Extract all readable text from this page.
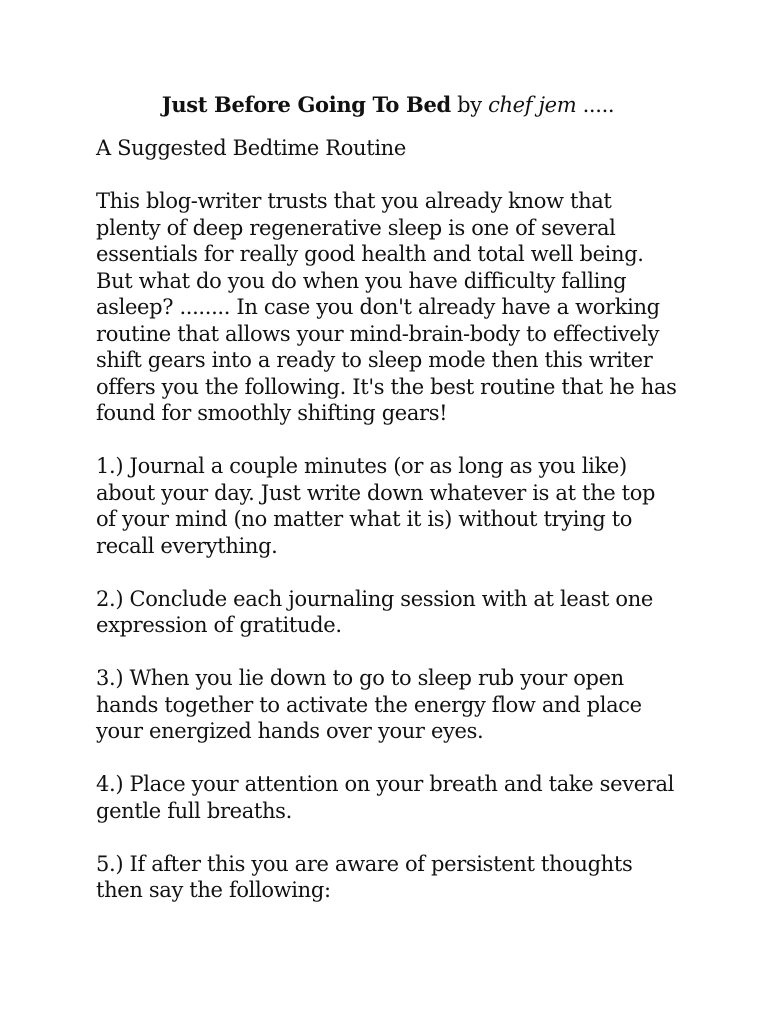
Just Before Going To Bed by chef jem .....

A Suggested Bedtime Routine

This blog-writer trusts that you already know that plenty of deep regenerative sleep is one of several essentials for really good health and total well being. But what do you do when you have difficulty falling asleep? ........ In case you don't already have a working routine that allows your mind-brain-body to effectively shift gears into a ready to sleep mode then this writer offers you the following. It's the best routine that he has found for smoothly shifting gears!

1.) Journal a couple minutes (or as long as you like) about your day. Just write down whatever is at the top of your mind (no matter what it is) without trying to recall everything.

2.) Conclude each journaling session with at least one expression of gratitude.

3.) When you lie down to go to sleep rub your open hands together to activate the energy flow and place your energized hands over your eyes.

4.) Place your attention on your breath and take several gentle full breaths.

5.) If after this you are aware of persistent thoughts then say the following:
